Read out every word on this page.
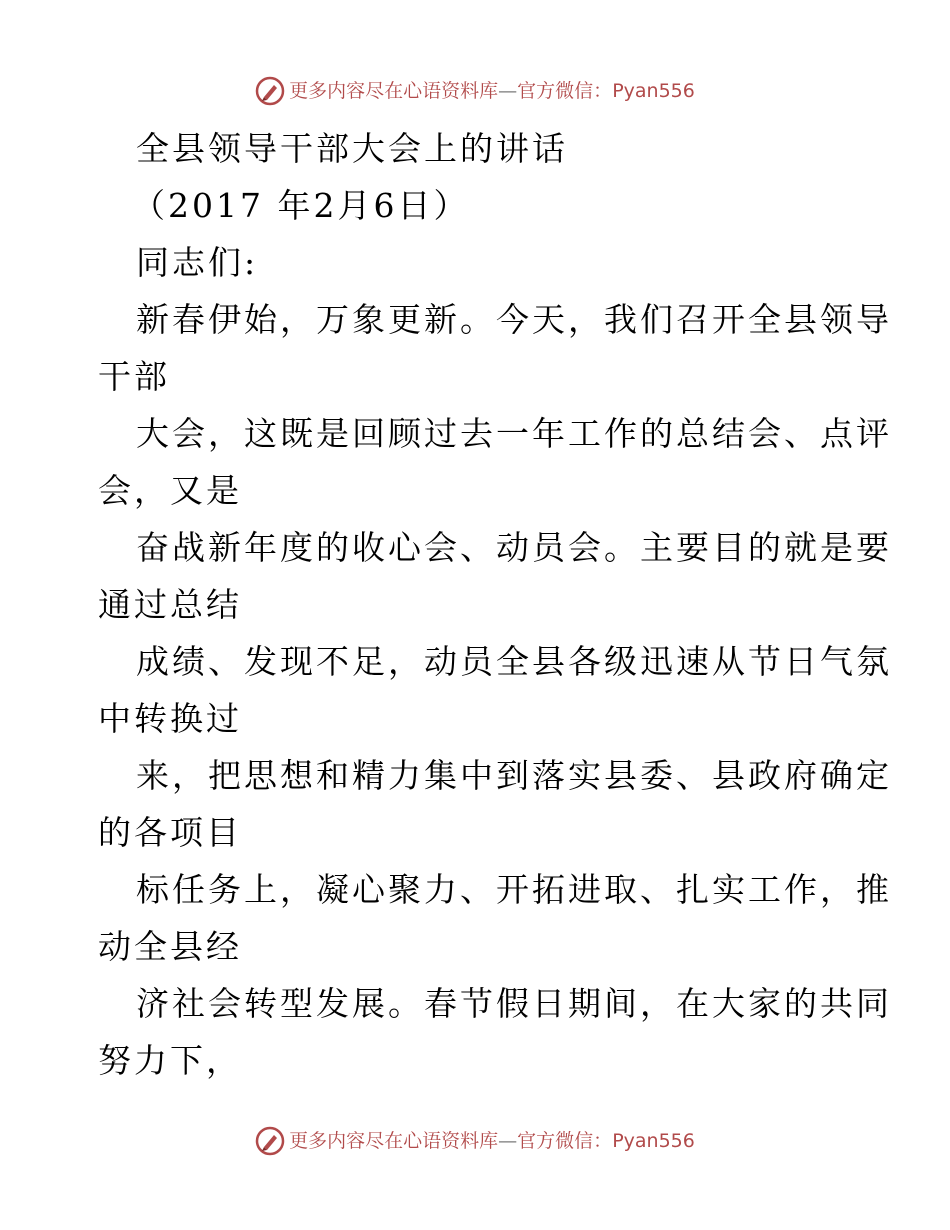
更多内容尽在心语资料库—官方微信：Pyan556
全县领导干部大会上的讲话
（2017 年2月6日）
同志们:
新春伊始，万象更新。今天，我们召开全县领导
干部
大会，这既是回顾过去一年工作的总结会、点评
会，又是
奋战新年度的收心会、动员会。主要目的就是要
通过总结
成绩、发现不足，动员全县各级迅速从节日气氛
中转换过
来，把思想和精力集中到落实县委、县政府确定
的各项目
标任务上，凝心聚力、开拓进取、扎实工作，推
动全县经
济社会转型发展。春节假日期间，在大家的共同
努力下，
更多内容尽在心语资料库—官方微信：Pyan556
